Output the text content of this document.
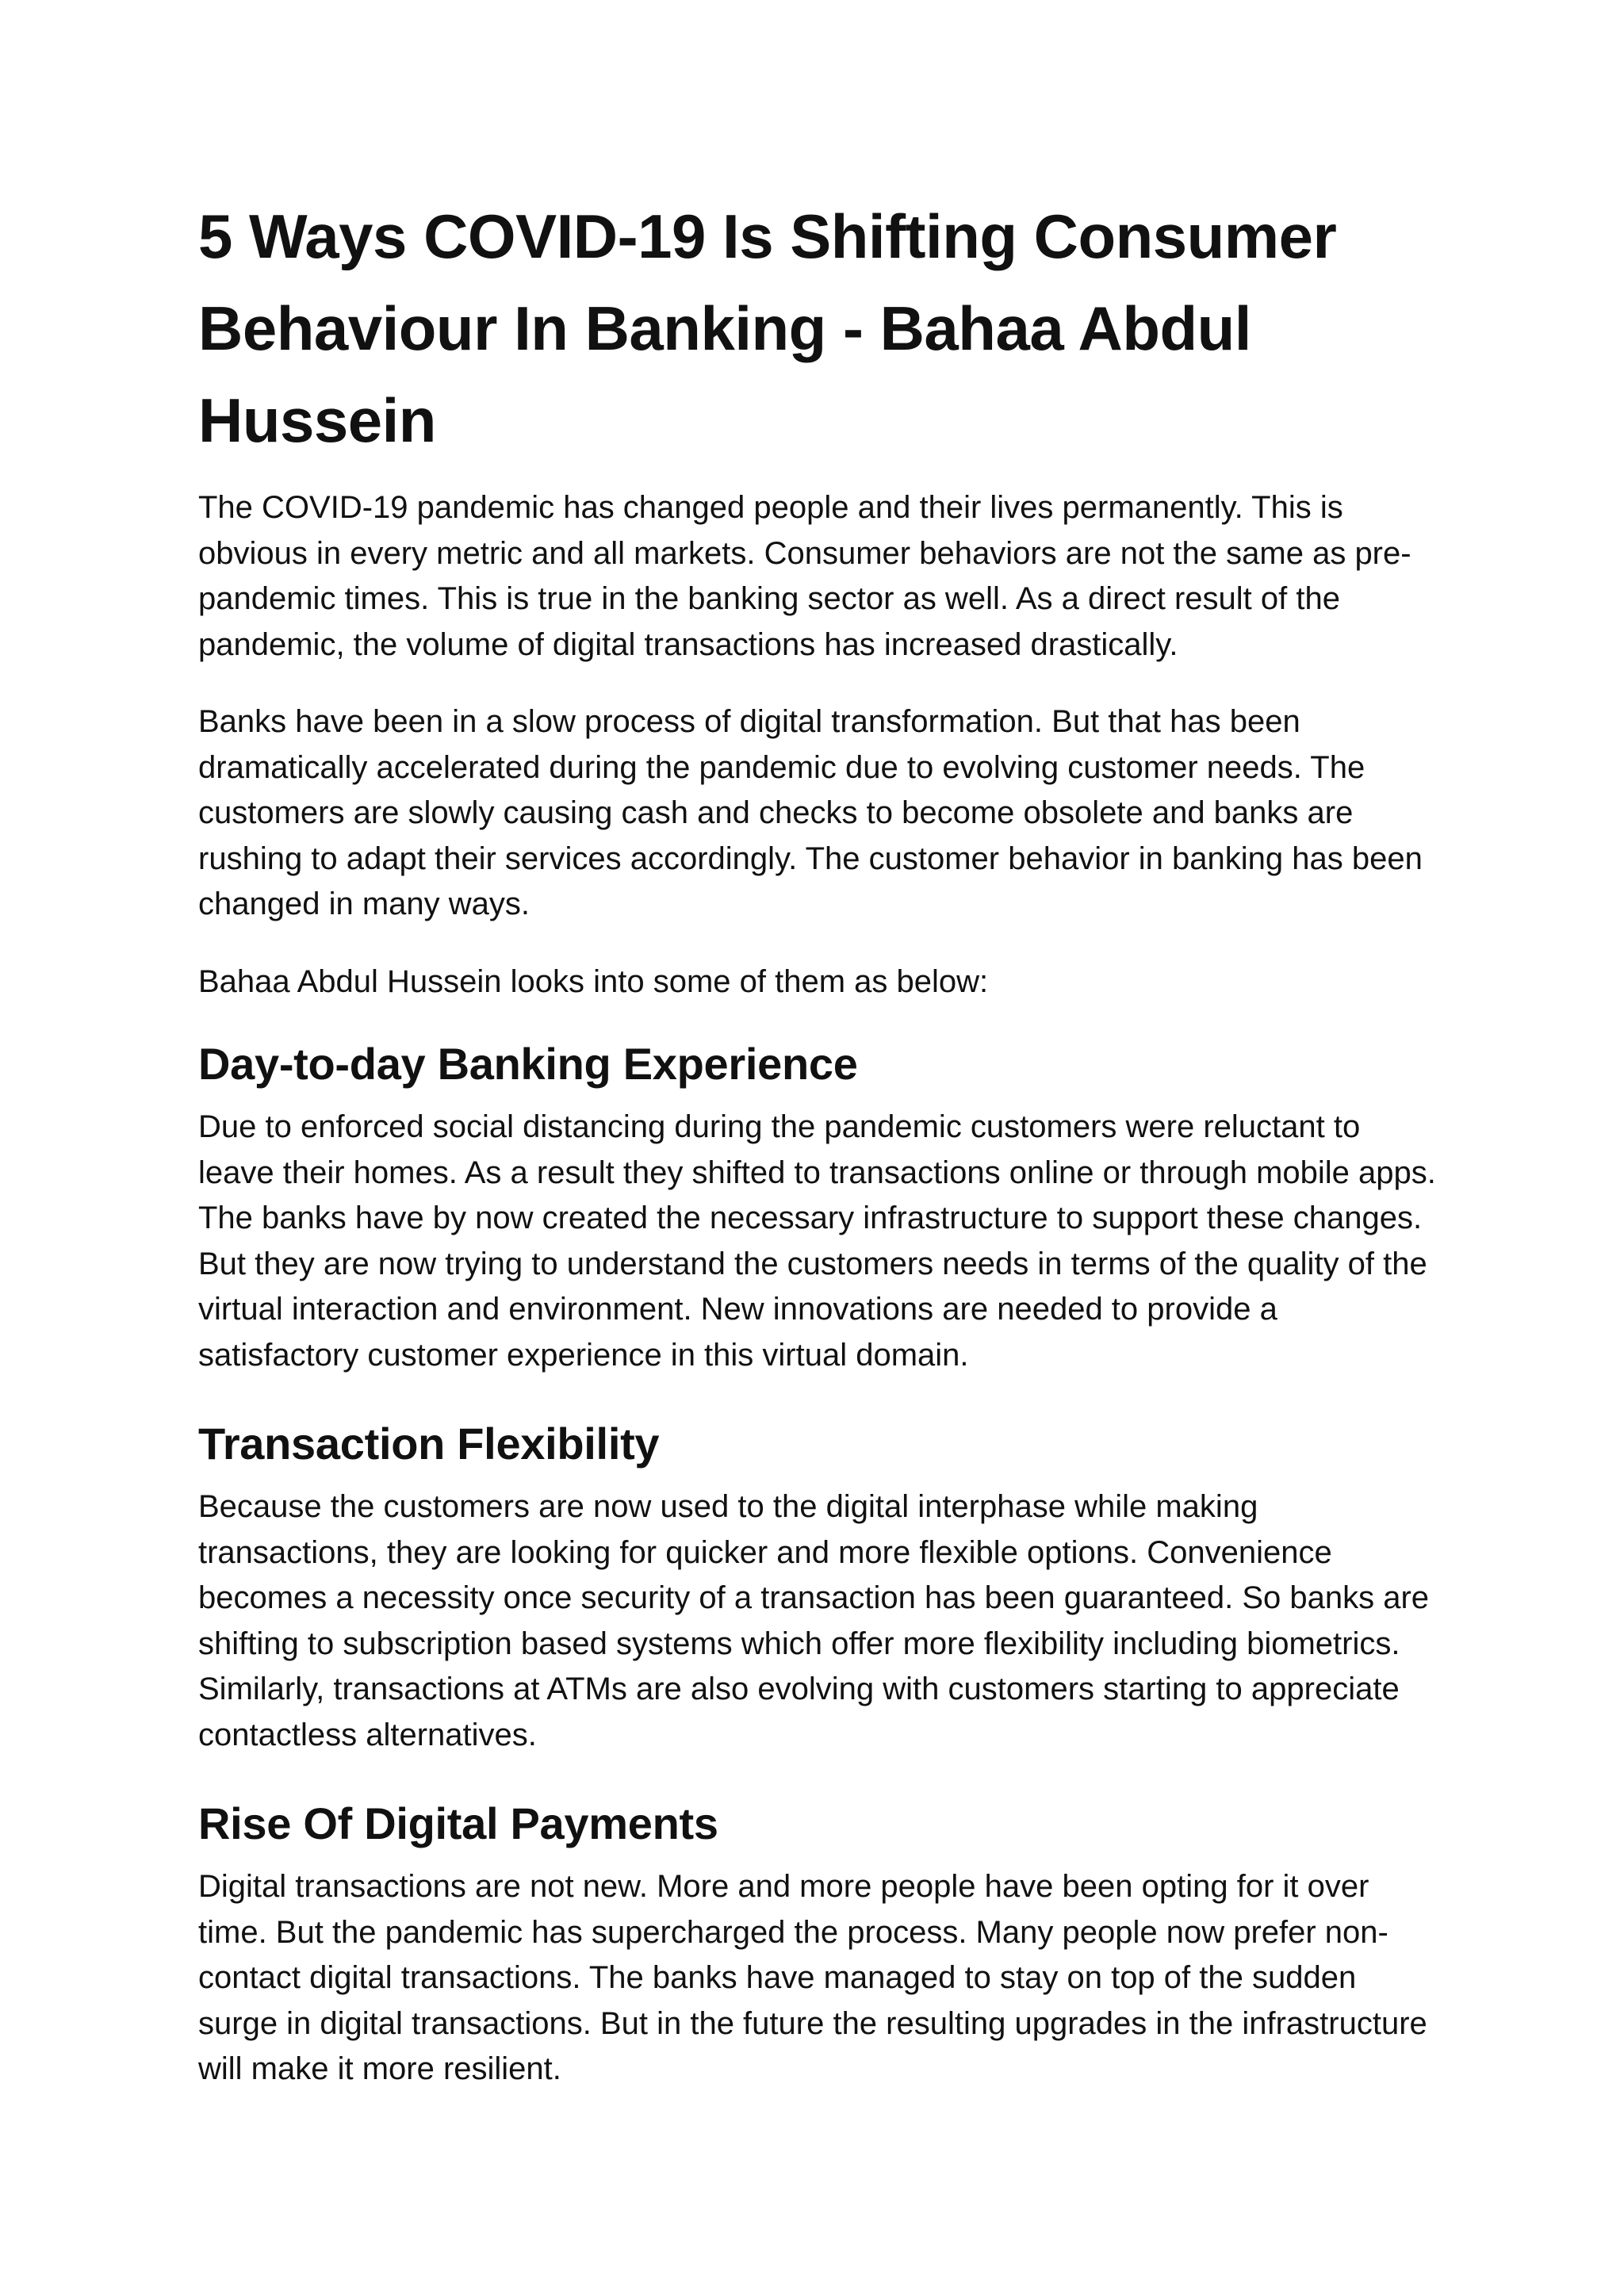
5 Ways COVID-19 Is Shifting Consumer Behaviour In Banking - Bahaa Abdul Hussein

The COVID-19 pandemic has changed people and their lives permanently. This is obvious in every metric and all markets. Consumer behaviors are not the same as pre-pandemic times. This is true in the banking sector as well. As a direct result of the pandemic, the volume of digital transactions has increased drastically.

Banks have been in a slow process of digital transformation. But that has been dramatically accelerated during the pandemic due to evolving customer needs. The customers are slowly causing cash and checks to become obsolete and banks are rushing to adapt their services accordingly. The customer behavior in banking has been changed in many ways.

Bahaa Abdul Hussein looks into some of them as below:

Day-to-day Banking Experience

Due to enforced social distancing during the pandemic customers were reluctant to leave their homes. As a result they shifted to transactions online or through mobile apps. The banks have by now created the necessary infrastructure to support these changes. But they are now trying to understand the customers needs in terms of the quality of the virtual interaction and environment. New innovations are needed to provide a satisfactory customer experience in this virtual domain.

Transaction Flexibility

Because the customers are now used to the digital interphase while making transactions, they are looking for quicker and more flexible options. Convenience becomes a necessity once security of a transaction has been guaranteed. So banks are shifting to subscription based systems which offer more flexibility including biometrics. Similarly, transactions at ATMs are also evolving with customers starting to appreciate contactless alternatives.

Rise Of Digital Payments

Digital transactions are not new. More and more people have been opting for it over time. But the pandemic has supercharged the process. Many people now prefer non-contact digital transactions. The banks have managed to stay on top of the sudden surge in digital transactions. But in the future the resulting upgrades in the infrastructure will make it more resilient.
